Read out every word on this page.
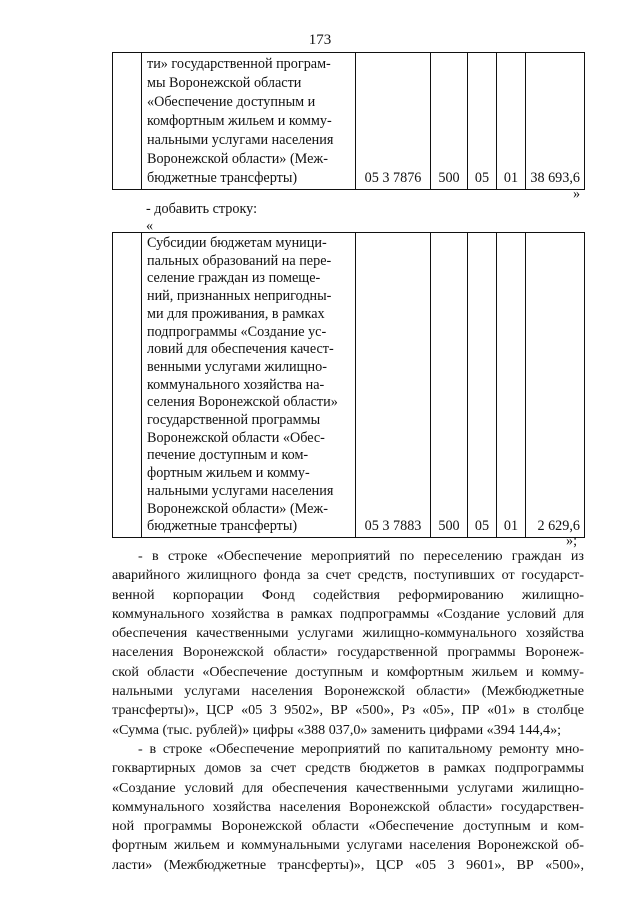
173

ти» государственной програм-
мы Воронежской области
«Обеспечение доступным и
комфортным жильем и комму-
нальными услугами населения
Воронежской области» (Меж-
бюджетные трансферты)	05 3 7876	500	05	01	38 693,6
»
- добавить строку:
«

Субсидии бюджетам муници-
пальных образований на пере-
селение граждан из помеще-
ний, признанных непригодны-
ми для проживания, в рамках
подпрограммы «Создание ус-
ловий для обеспечения качест-
венными услугами жилищно-
коммунального хозяйства на-
селения Воронежской области»
государственной программы
Воронежской области «Обес-
печение доступным и ком-
фортным жильем и комму-
нальными услугами населения
Воронежской области» (Меж-
бюджетные трансферты)	05 3 7883	500	05	01	2 629,6
»;
- в строке «Обеспечение мероприятий по переселению граждан из
аварийного жилищного фонда за счет средств, поступивших от государст-
венной корпорации Фонд содействия реформированию жилищно-
коммунального хозяйства в рамках подпрограммы «Создание условий для
обеспечения качественными услугами жилищно-коммунального хозяйства
населения Воронежской области» государственной программы Воронеж-
ской области «Обеспечение доступным и комфортным жильем и комму-
нальными услугами населения Воронежской области» (Межбюджетные
трансферты)», ЦСР «05 3 9502», ВР «500», Рз «05», ПР «01» в столбце
«Сумма (тыс. рублей)» цифры «388 037,0» заменить цифрами «394 144,4»;
- в строке «Обеспечение мероприятий по капитальному ремонту мно-
гоквартирных домов за счет средств бюджетов в рамках подпрограммы
«Создание условий для обеспечения качественными услугами жилищно-
коммунального хозяйства населения Воронежской области» государствен-
ной программы Воронежской области «Обеспечение доступным и ком-
фортным жильем и коммунальными услугами населения Воронежской об-
ласти» (Межбюджетные трансферты)», ЦСР «05 3 9601», ВР «500»,
